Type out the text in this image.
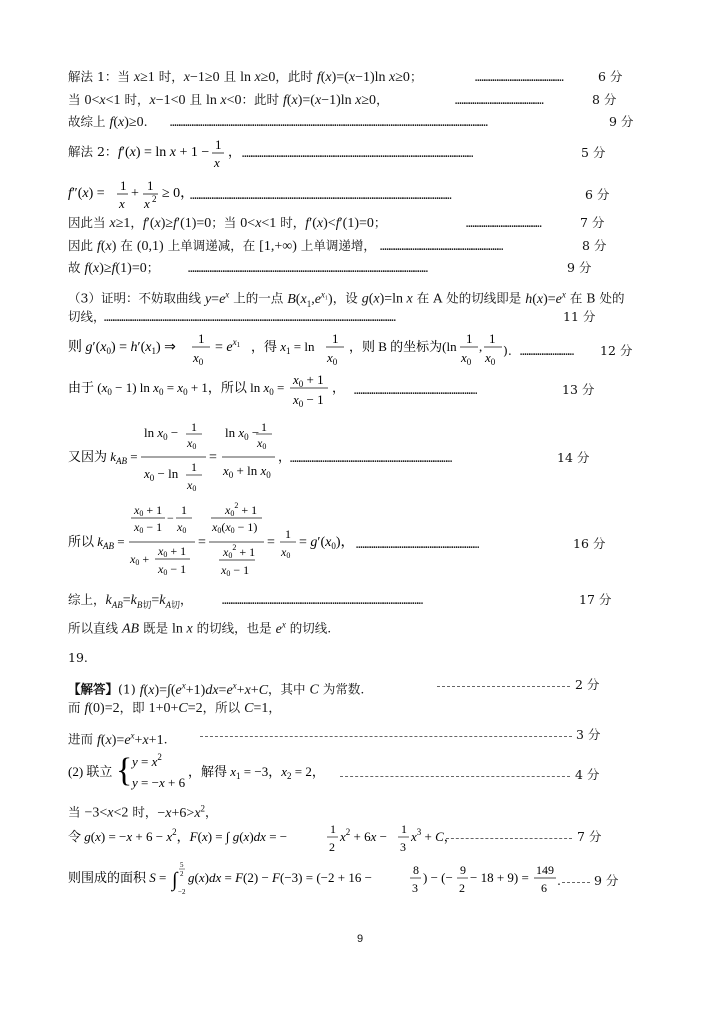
解法 1：当 x≥1 时，x−1≥0 且 ln x≥0，此时 f(x)=(x−1)ln x≥0；	……………………………………………………	6 分
当 0<x<1 时，x−1<0 且 ln x<0：此时 f(x)=(x−1)ln x≥0，	……………………………………………………	8 分
故综上 f(x)≥0. …………………………………………………………………………………………………………………………………………………………………………………………………	9 分
解法 2： f′(x) = ln x + 1 −
1
x
， ……………………………………………………………………………………………………………………………………………	5 分
f″(x) =
1
x
+
1
x 2 ≥ 0，
………………………………………………………………………………………………………………………………………………………………	6 分
因此当 x≥1，f′(x)≥f′(1)=0；当 0<x<1 时，f′(x)<f′(1)=0；	……………………………………………	7 分
因此 f(x) 在 (0,1) 上单调递减，在 [1,+∞) 上单调递增， …………………………………………………………………………	8 分
故 f(x)≥f(1)=0；	…………………………………………………………………………………………………………………………………………………	9 分
（3）证明：不妨取曲线 $y=e^x$ 上的一点 $B(x_1,e^{x_1})$，设 g(x)=ln x 在 A 处的切线即是 $h(x)=e^x$ 在 B 处的
切线，
…………………………………………………………………………………………………………………………………………………………………………………	11 分
则 $g'(x_0) = h'(x_1)$ ⇒
1
$x_0$
= $e^x1$ ，得 $x_1 = \ln$
1
$x_0$
，则 B 的坐标为(ln
1
$x_0$
,
1
$x_0$
). ………………………………	12 分
由于 $(x_0 - 1)$ $\ln x_0 = x_0 + 1$，所以 $\ln x_0$ =
$x_0 + 1$
$x_0 - 1$
， …………………………………………………………………………	13 分
又因为 $k_{AB}$ =
$\ln x_0 - 1$
x0
$x_0 - \ln 1$
x0
=
$\ln x_0 - 1$
x0
$x_0 + \ln x_0$
，
…………………………………………………………………………………………………	14 分
所以 $k_{AB}$ =
x0 + 1
x0 − 1
−
1
x0
x0 +
x0 + 1
x0 − 1
=
$x0^2 + 1$
x0(x0 − 1)
$x0^2 + 1$
x0 − 1
=
1
x0
= $g'(x_0)$， …………………………………………………………………………	16 分
综上，$k_{AB}=k_{B切}=k_{A切}$，	…………………………………………………………………………………………………………………………	17 分
所以直线 AB 既是 ln x 的切线，也是 $e^x$ 的切线.
19.
【解答】(1) $f(x)=\int(e^x+1)dx=e^x+x+C$，其中 C 为常数.	2 分
而 f(0)=2，即 1+0+C=2，所以 C=1，
进而 $f(x)=e^x+x+1$.	3 分
(2) 联立 { $y = x^2$
y = −x + 6
，解得 $x_1 = -3$，$x_2 = 2$，	4 分
当 −3<x<2 时，$-x+6>x^2$，
令 $g(x) = -x + 6 - x^2$，F(x) = ∫ g(x)dx = −	1
2
$x^2 + 6x - 1$
3
$x^3 + C$，	7 分
则围成的面积 S = ∫
5
2
−2
g(x)dx = F(2) − F(−3) = (−2 + 16 −	8
3
) − (− 9
2
− 18 + 9) = 149
6 .	9 分
9
